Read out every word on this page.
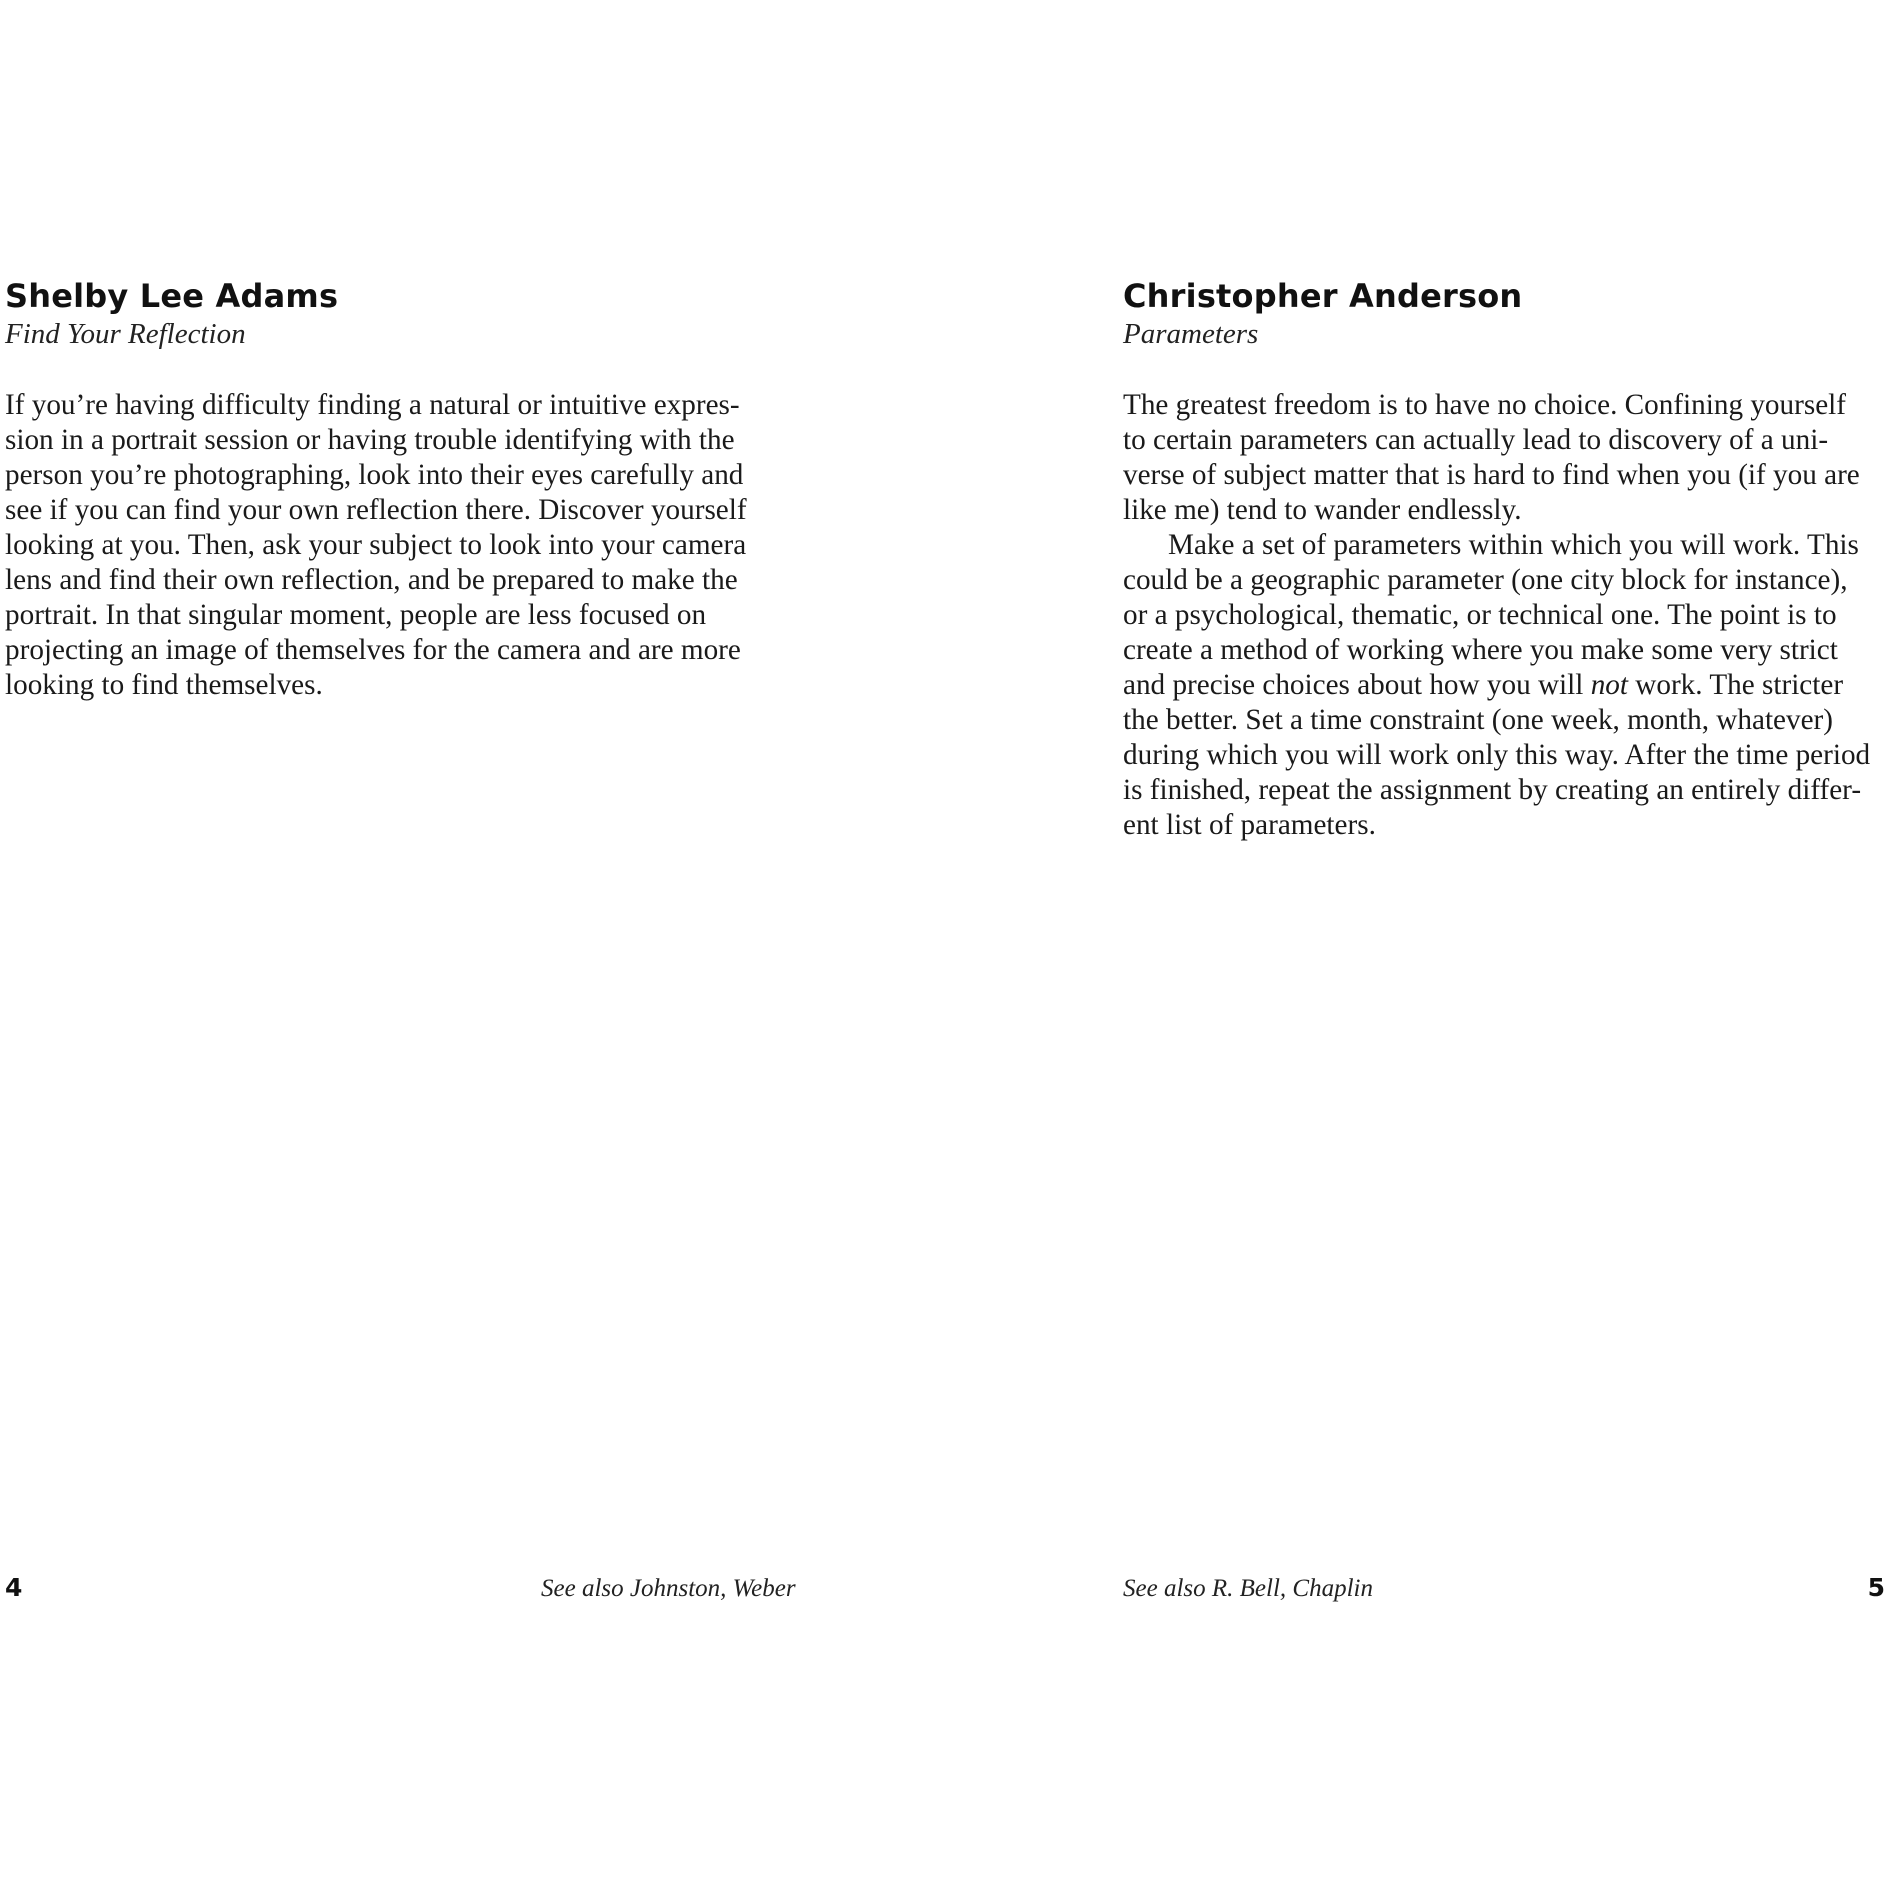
Shelby Lee Adams

Find Your Reflection

If you’re having difficulty finding a natural or intuitive expres-
sion in a portrait session or having trouble identifying with the
person you’re photographing, look into their eyes carefully and
see if you can find your own reflection there. Discover yourself
looking at you. Then, ask your subject to look into your camera
lens and find their own reflection, and be prepared to make the
portrait. In that singular moment, people are less focused on
projecting an image of themselves for the camera and are more
looking to find themselves.

4	See also Johnston, Weber
Christopher Anderson

Parameters

The greatest freedom is to have no choice. Confining yourself
to certain parameters can actually lead to discovery of a uni-
verse of subject matter that is hard to find when you (if you are
like me) tend to wander endlessly.

Make a set of parameters within which you will work. This
could be a geographic parameter (one city block for instance),
or a psychological, thematic, or technical one. The point is to
create a method of working where you make some very strict
and precise choices about how you will not work. The stricter
the better. Set a time constraint (one week, month, whatever)
during which you will work only this way. After the time period
is finished, repeat the assignment by creating an entirely differ-
ent list of parameters.

See also R. Bell, Chaplin	5
